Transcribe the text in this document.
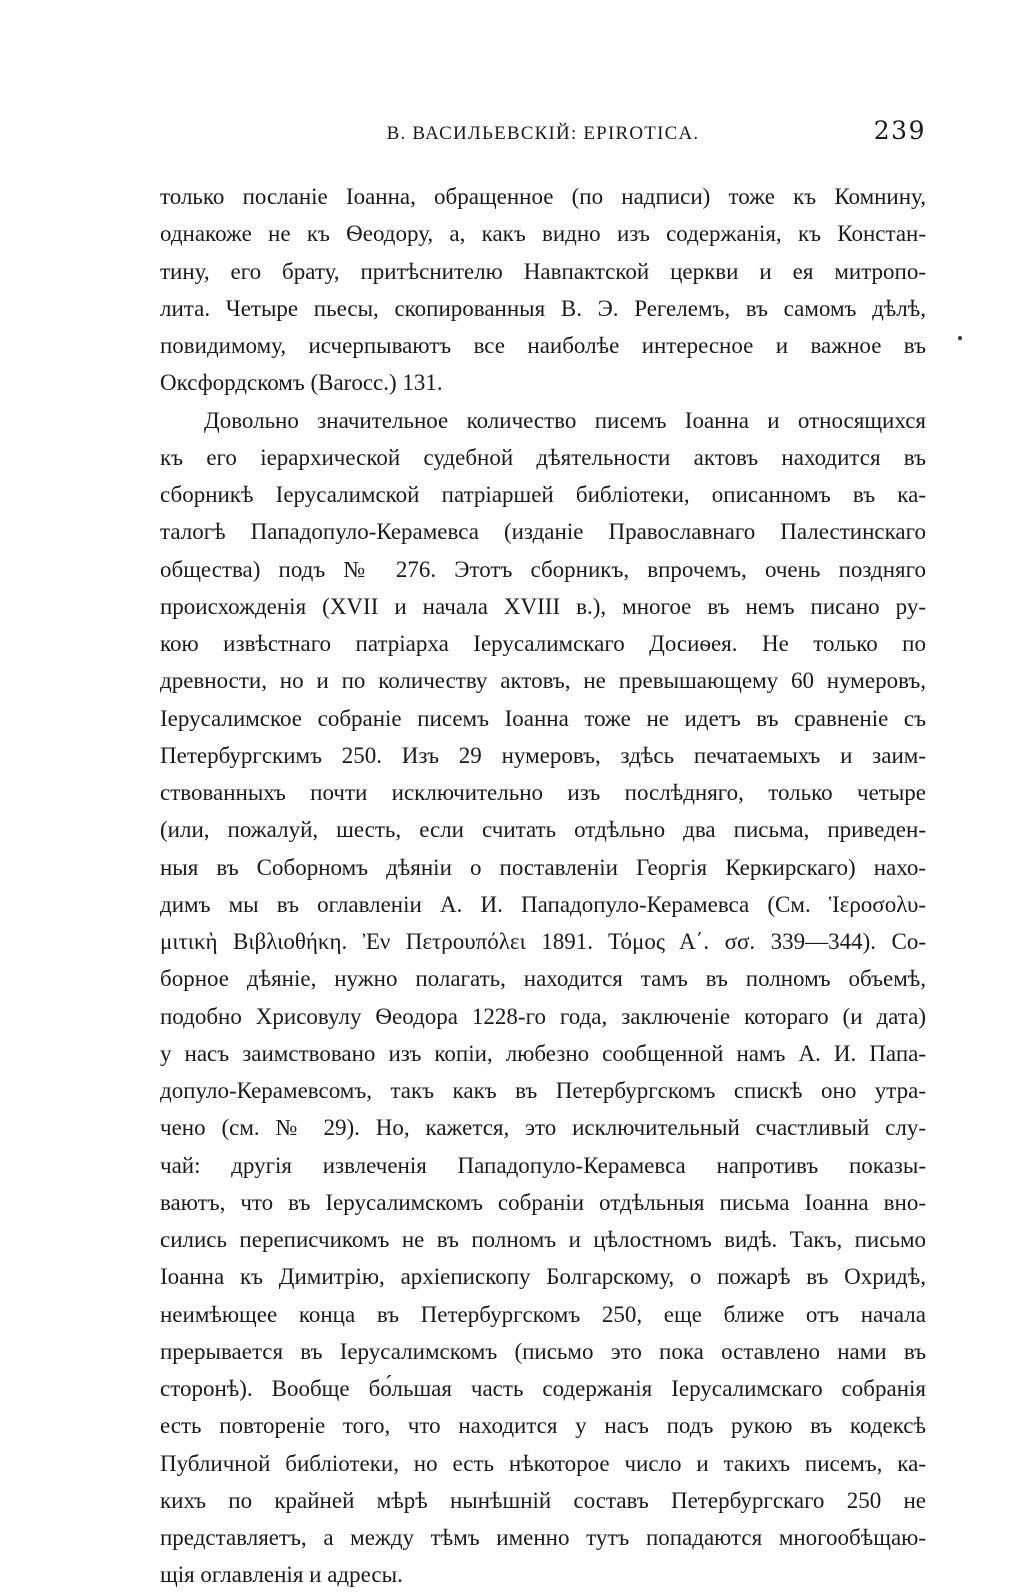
В. ВАСИЛЬЕВСКІЙ: EPIROTICA.	239
только посланіе Іоанна, обращенное (по надписи) тоже къ Комнину,
однакоже не къ Ѳеодору, а, какъ видно изъ содержанія, къ Констан-
тину, его брату, притѣснителю Навпактской церкви и ея митропо-
лита. Четыре пьесы, скопированныя В. Э. Регелемъ, въ самомъ дѣлѣ,
повидимому, исчерпываютъ все наиболѣе интересное и важное въ
Оксфордскомъ (Barocc.) 131.
Довольно значительное количество писемъ Іоанна и относящихся
къ его іерархической судебной дѣятельности актовъ находится въ
сборникѣ Іерусалимской патріаршей библіотеки, описанномъ въ ка-
талогѣ Пападопуло-Керамевса (изданіе Православнаго Палестинскаго
общества) подъ № 276. Этотъ сборникъ, впрочемъ, очень поздняго
происхожденія (XVII и начала XVIII в.), многое въ немъ писано ру-
кою извѣстнаго патріарха Іерусалимскаго Досиѳея. Не только по
древности, но и по количеству актовъ, не превышающему 60 нумеровъ,
Іерусалимское собраніе писемъ Іоанна тоже не идетъ въ сравненіе съ
Петербургскимъ 250. Изъ 29 нумеровъ, здѣсь печатаемыхъ и заим-
ствованныхъ почти исключительно изъ послѣдняго, только четыре
(или, пожалуй, шесть, если считать отдѣльно два письма, приведен-
ныя въ Соборномъ дѣяніи о поставленіи Георгія Керкирскаго) нахо-
димъ мы въ оглавленіи А. И. Пападопуло-Керамевса (См. Ἱεροσολυ-
μιτικὴ Βιβλιοθήκη. Ἐν Πετρουπόλει 1891. Τόμος Α΄. σσ. 339—344). Со-
борное дѣяніе, нужно полагать, находится тамъ въ полномъ объемѣ,
подобно Хрисовулу Ѳеодора 1228-го года, заключеніе котораго (и дата)
у насъ заимствовано изъ копіи, любезно сообщенной намъ А. И. Папа-
допуло-Керамевсомъ, такъ какъ въ Петербургскомъ спискѣ оно утра-
чено (см. № 29). Но, кажется, это исключительный счастливый слу-
чай: другія извлеченія Пападопуло-Керамевса напротивъ показы-
ваютъ, что въ Іерусалимскомъ собраніи отдѣльныя письма Іоанна вно-
сились переписчикомъ не въ полномъ и цѣлостномъ видѣ. Такъ, письмо
Іоанна къ Димитрію, архіепископу Болгарскому, о пожарѣ въ Охридѣ,
неимѣющее конца въ Петербургскомъ 250, еще ближе отъ начала
прерывается въ Іерусалимскомъ (письмо это пока оставлено нами въ
сторонѣ). Вообще бо́льшая часть содержанія Іерусалимскаго собранія
есть повтореніе того, что находится у насъ подъ рукою въ кодексѣ
Публичной библіотеки, но есть нѣкоторое число и такихъ писемъ, ка-
кихъ по крайней мѣрѣ нынѣшній составъ Петербургскаго 250 не
представляетъ, а между тѣмъ именно тутъ попадаются многообѣщаю-
щія оглавленія и адресы.
